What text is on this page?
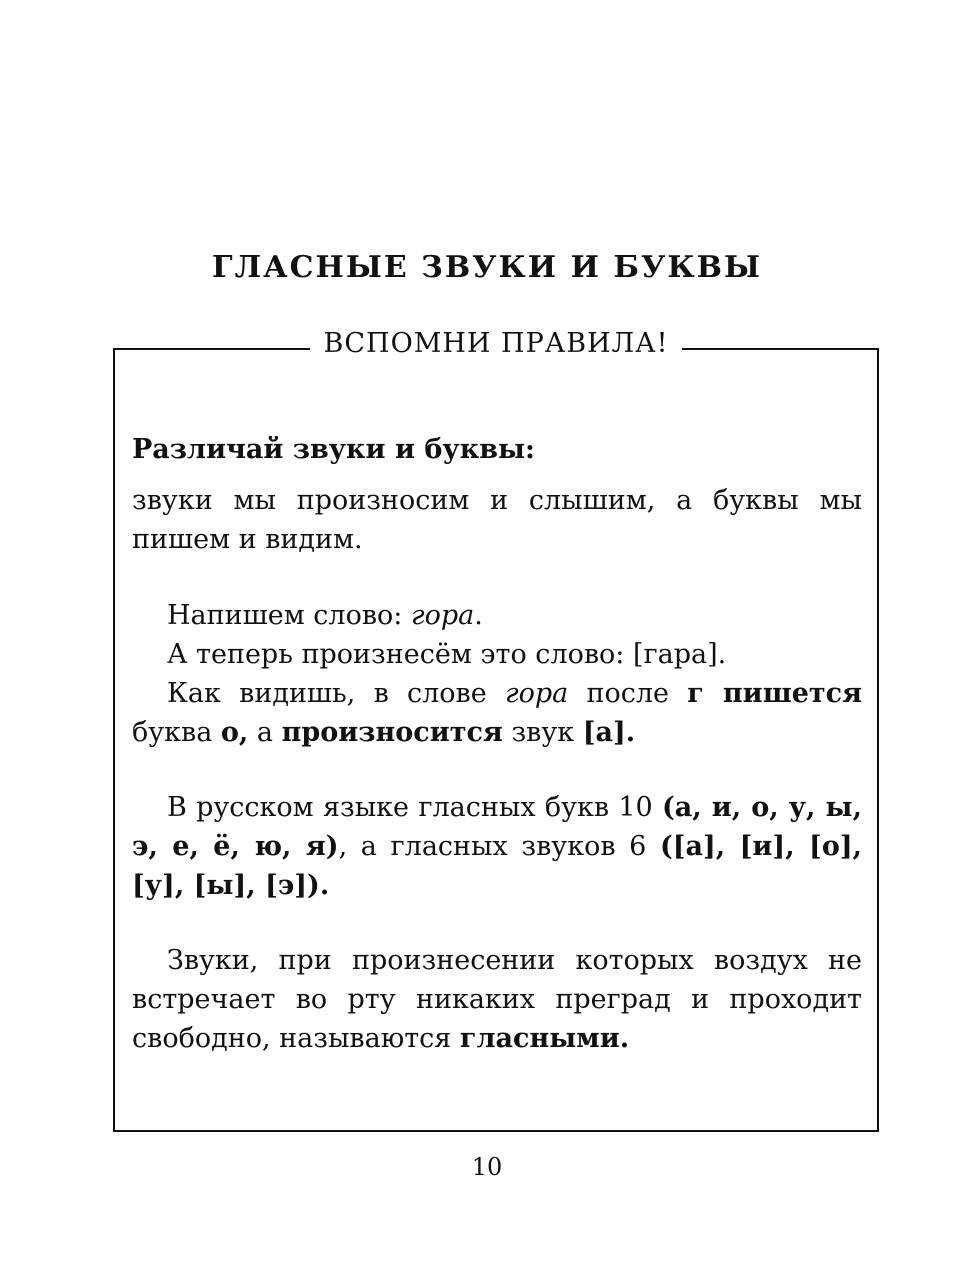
ГЛАСНЫЕ ЗВУКИ И БУКВЫ
ВСПОМНИ ПРАВИЛА!

Различай звуки и буквы:

звуки мы произносим и слышим, а буквы мы пишем и видим.

Напишем слово: гора.

А теперь произнесём это слово: [гара].

Как видишь, в слове гора после г пишется буква о, а произносится звук [а].

В русском языке гласных букв 10 (а, и, о, у, ы, э, е, ё, ю, я), а гласных звуков 6 ([а], [и], [о], [у], [ы], [э]).

Звуки, при произнесении которых воздух не встречает во рту никаких преград и проходит свободно, называются гласными.

10
